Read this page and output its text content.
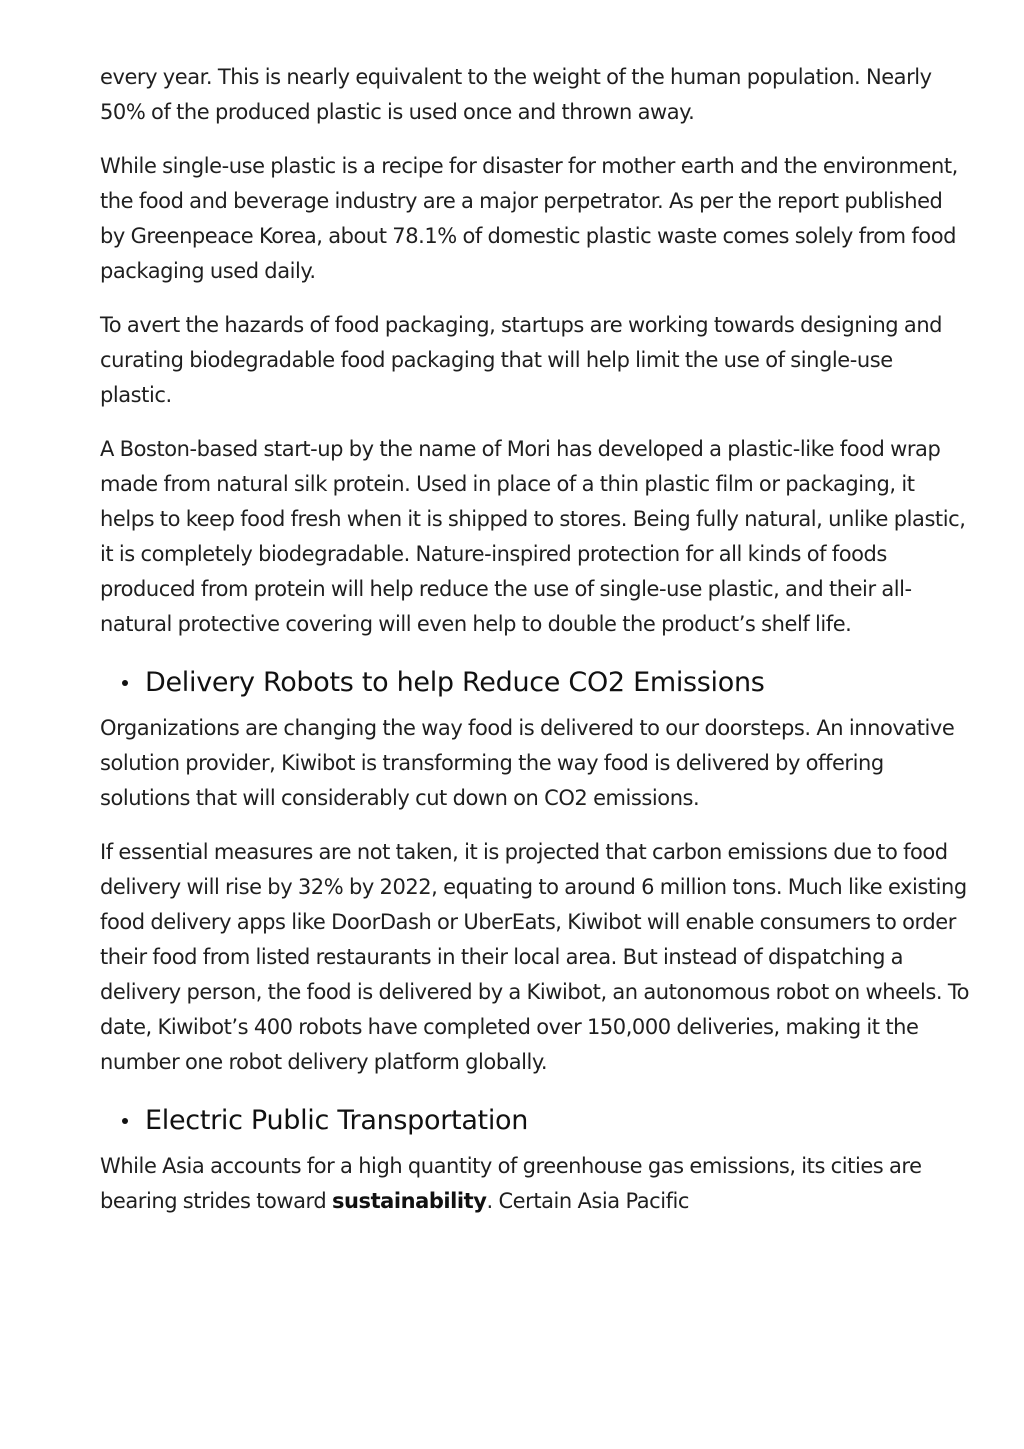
every year. This is nearly equivalent to the weight of the human population. Nearly 50% of the produced plastic is used once and thrown away.

While single-use plastic is a recipe for disaster for mother earth and the environment, the food and beverage industry are a major perpetrator. As per the report published by Greenpeace Korea, about 78.1% of domestic plastic waste comes solely from food packaging used daily.

To avert the hazards of food packaging, startups are working towards designing and curating biodegradable food packaging that will help limit the use of single-use plastic.

A Boston-based start-up by the name of Mori has developed a plastic-like food wrap made from natural silk protein. Used in place of a thin plastic film or packaging, it helps to keep food fresh when it is shipped to stores. Being fully natural, unlike plastic, it is completely biodegradable. Nature-inspired protection for all kinds of foods produced from protein will help reduce the use of single-use plastic, and their all-natural protective covering will even help to double the product’s shelf life.

Delivery Robots to help Reduce CO2 Emissions

Organizations are changing the way food is delivered to our doorsteps. An innovative solution provider, Kiwibot is transforming the way food is delivered by offering solutions that will considerably cut down on CO2 emissions.

If essential measures are not taken, it is projected that carbon emissions due to food delivery will rise by 32% by 2022, equating to around 6 million tons. Much like existing food delivery apps like DoorDash or UberEats, Kiwibot will enable consumers to order their food from listed restaurants in their local area. But instead of dispatching a delivery person, the food is delivered by a Kiwibot, an autonomous robot on wheels. To date, Kiwibot’s 400 robots have completed over 150,000 deliveries, making it the number one robot delivery platform globally.

Electric Public Transportation

While Asia accounts for a high quantity of greenhouse gas emissions, its cities are bearing strides toward sustainability. Certain Asia Pacific
